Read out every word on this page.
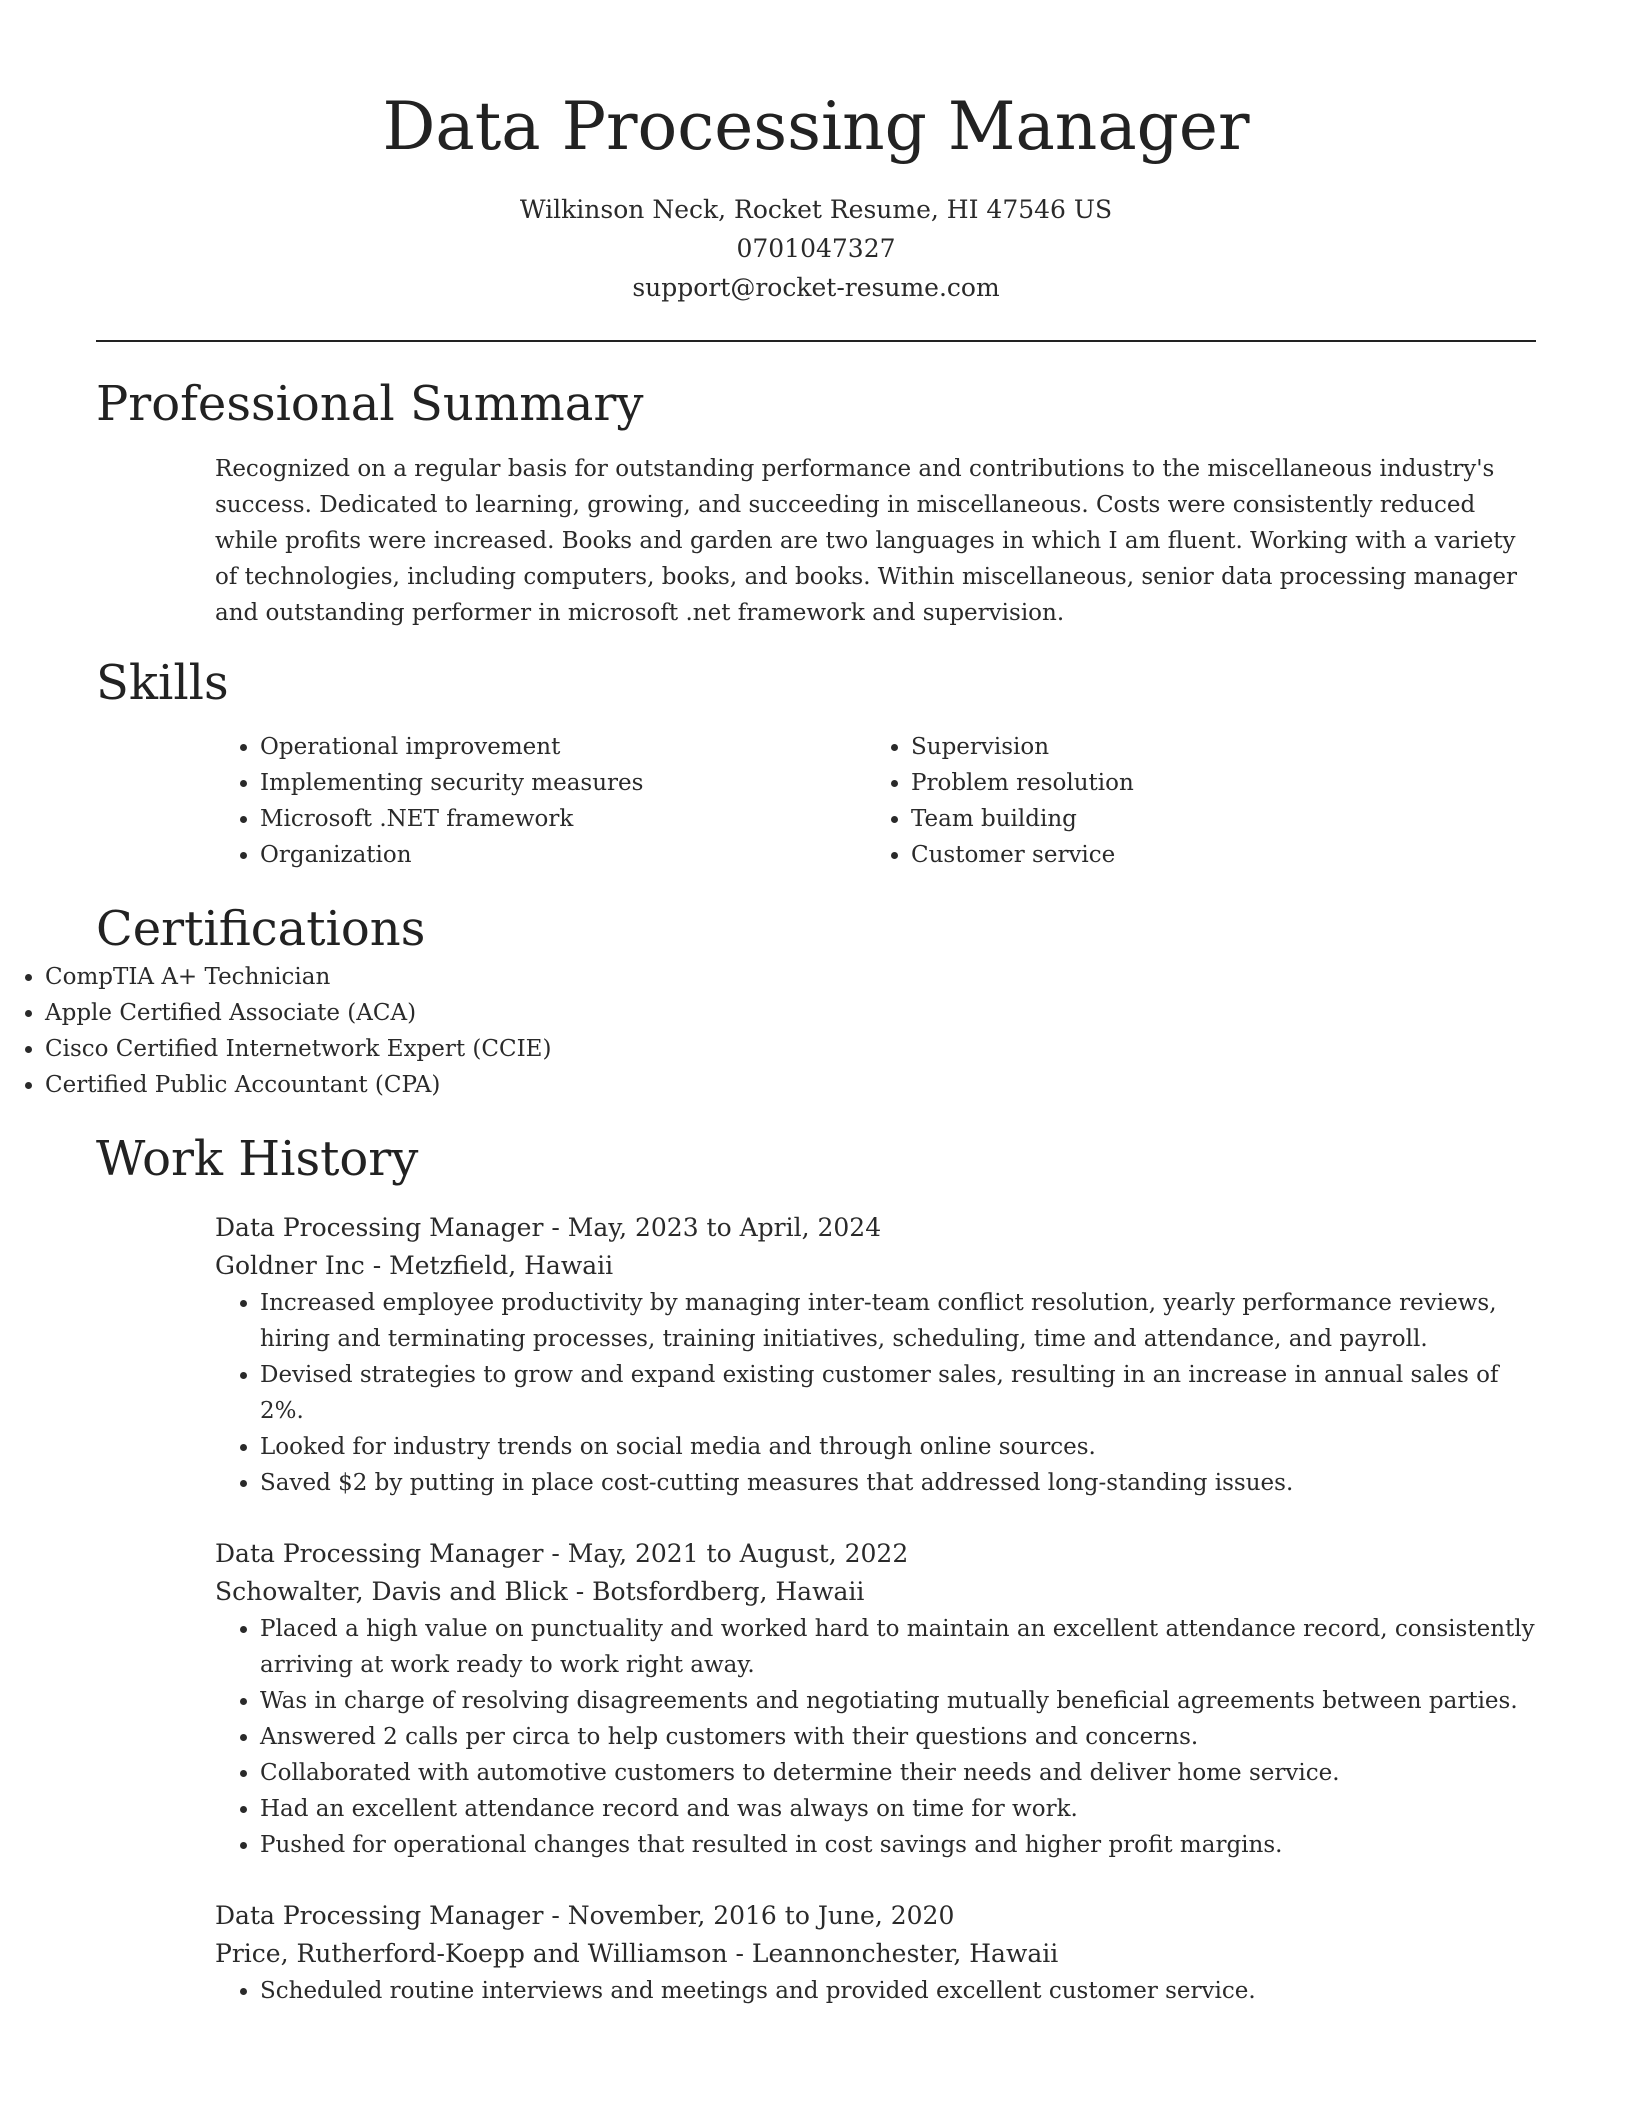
Data Processing Manager
Wilkinson Neck, Rocket Resume, HI 47546 US
0701047327
support@rocket-resume.com
Professional Summary
Recognized on a regular basis for outstanding performance and contributions to the miscellaneous industry's success. Dedicated to learning, growing, and succeeding in miscellaneous. Costs were consistently reduced while profits were increased. Books and garden are two languages in which I am fluent. Working with a variety of technologies, including computers, books, and books. Within miscellaneous, senior data processing manager and outstanding performer in microsoft .net framework and supervision.
Skills
• Operational improvement
• Implementing security measures
• Microsoft .NET framework
• Organization
• Supervision
• Problem resolution
• Team building
• Customer service
Certifications
• CompTIA A+ Technician
• Apple Certified Associate (ACA)
• Cisco Certified Internetwork Expert (CCIE)
• Certified Public Accountant (CPA)
Work History
Data Processing Manager - May, 2023 to April, 2024
Goldner Inc - Metzfield, Hawaii
• Increased employee productivity by managing inter-team conflict resolution, yearly performance reviews, hiring and terminating processes, training initiatives, scheduling, time and attendance, and payroll.
• Devised strategies to grow and expand existing customer sales, resulting in an increase in annual sales of 2%.
• Looked for industry trends on social media and through online sources.
• Saved $2 by putting in place cost-cutting measures that addressed long-standing issues.
Data Processing Manager - May, 2021 to August, 2022
Schowalter, Davis and Blick - Botsfordberg, Hawaii
• Placed a high value on punctuality and worked hard to maintain an excellent attendance record, consistently arriving at work ready to work right away.
• Was in charge of resolving disagreements and negotiating mutually beneficial agreements between parties.
• Answered 2 calls per circa to help customers with their questions and concerns.
• Collaborated with automotive customers to determine their needs and deliver home service.
• Had an excellent attendance record and was always on time for work.
• Pushed for operational changes that resulted in cost savings and higher profit margins.
Data Processing Manager - November, 2016 to June, 2020
Price, Rutherford-Koepp and Williamson - Leannonchester, Hawaii
• Scheduled routine interviews and meetings and provided excellent customer service.
